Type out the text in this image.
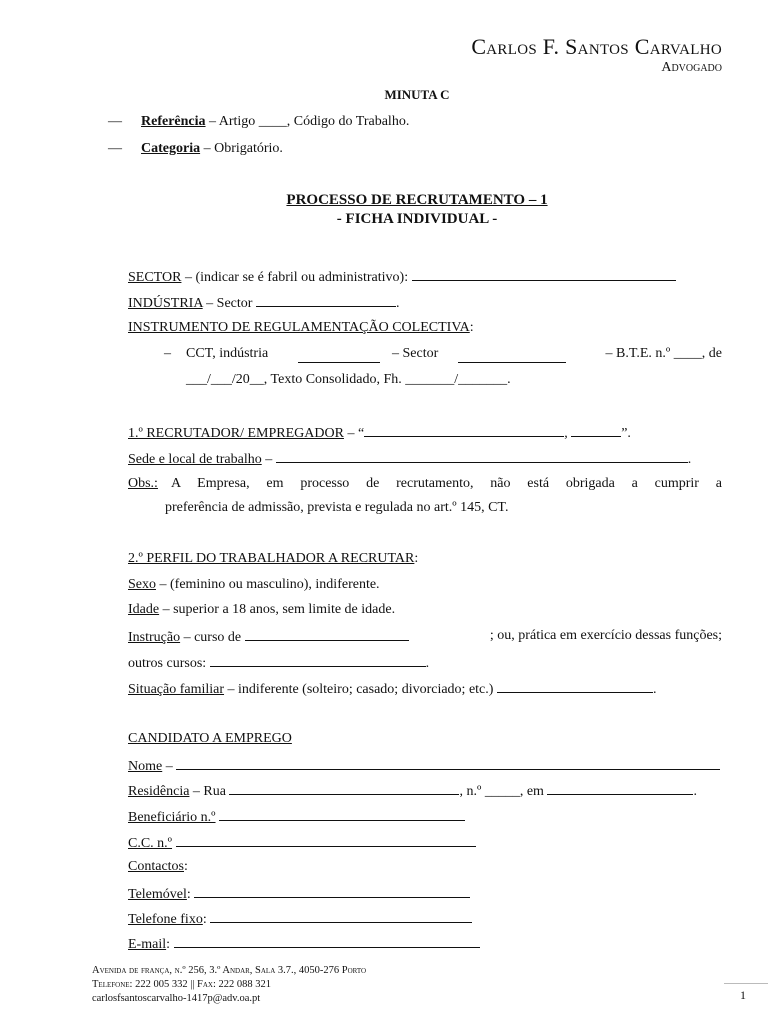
Carlos F. Santos Carvalho
Advogado
MINUTA C
— Referência – Artigo ____, Código do Trabalho.
— Categoria – Obrigatório.
PROCESSO DE RECRUTAMENTO – 1
- FICHA INDIVIDUAL -
SECTOR – (indicar se é fabril ou administrativo):
INDÚSTRIA – Sector	.
INSTRUMENTO DE REGULAMENTAÇÃO COLECTIVA:
– CCT, indústria	– Sector	– B.T.E. n.º ____, de
___/___/20__, Texto Consolidado, Fh. _______/_______.
1.º RECRUTADOR/ EMPREGADOR – “	,	”.
Sede e local de trabalho –	.
Obs.: A Empresa, em processo de recrutamento, não está obrigada a cumprir a
preferência de admissão, prevista e regulada no art.º 145, CT.
2.º PERFIL DO TRABALHADOR A RECRUTAR:
Sexo – (feminino ou masculino), indiferente.
Idade – superior a 18 anos, sem limite de idade.
Instrução – curso de	; ou, prática em exercício dessas funções;
outros cursos:	.
Situação familiar – indiferente (solteiro; casado; divorciado; etc.)	.
CANDIDATO A EMPREGO
Nome –
Residência – Rua	, n.º _____, em	.
Beneficiário n.º
C.C. n.º
Contactos:
Telemóvel:
Telefone fixo:
E-mail:
Avenida de frança, n.º 256, 3.º Andar, Sala 3.7., 4050-276 Porto
Telefone: 222 005 332 || Fax: 222 088 321
carlosfsantoscarvalho-1417p@adv.oa.pt	1
